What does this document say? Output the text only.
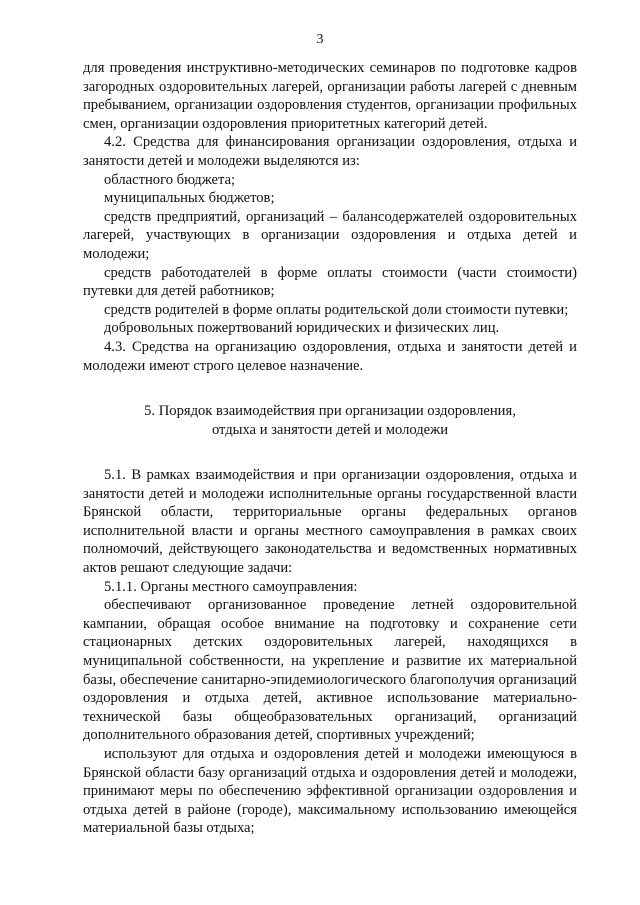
3

для проведения инструктивно-методических семинаров по подготовке кадров загородных оздоровительных лагерей, организации работы лагерей с дневным пребыванием, организации оздоровления студентов, организации профильных смен, организации оздоровления приоритетных категорий детей.

4.2. Средства для финансирования организации оздоровления, отдыха и занятости детей и молодежи выделяются из:

областного бюджета;

муниципальных бюджетов;

средств предприятий, организаций – балансодержателей оздоровительных лагерей, участвующих в организации оздоровления и отдыха детей и молодежи;

средств работодателей в форме оплаты стоимости (части стоимости) путевки для детей работников;

средств родителей в форме оплаты родительской доли стоимости путевки;

добровольных пожертвований юридических и физических лиц.

4.3. Средства на организацию оздоровления, отдыха и занятости детей и молодежи имеют строго целевое назначение.

5. Порядок взаимодействия при организации оздоровления,
отдыха и занятости детей и молодежи

5.1. В рамках взаимодействия и при организации оздоровления, отдыха и занятости детей и молодежи исполнительные органы государственной власти Брянской области, территориальные органы федеральных органов исполнительной власти и органы местного самоуправления в рамках своих полномочий, действующего законодательства и ведомственных нормативных актов решают следующие задачи:

5.1.1. Органы местного самоуправления:

обеспечивают организованное проведение летней оздоровительной кампании, обращая особое внимание на подготовку и сохранение сети стационарных детских оздоровительных лагерей, находящихся в муниципальной собственности, на укрепление и развитие их материальной базы, обеспечение санитарно-эпидемиологического благополучия организаций оздоровления и отдыха детей, активное использование материально-технической базы общеобразовательных организаций, организаций дополнительного образования детей, спортивных учреждений;

используют для отдыха и оздоровления детей и молодежи имеющуюся в Брянской области базу организаций отдыха и оздоровления детей и молодежи, принимают меры по обеспечению эффективной организации оздоровления и отдыха детей в районе (городе), максимальному использованию имеющейся материальной базы отдыха;
